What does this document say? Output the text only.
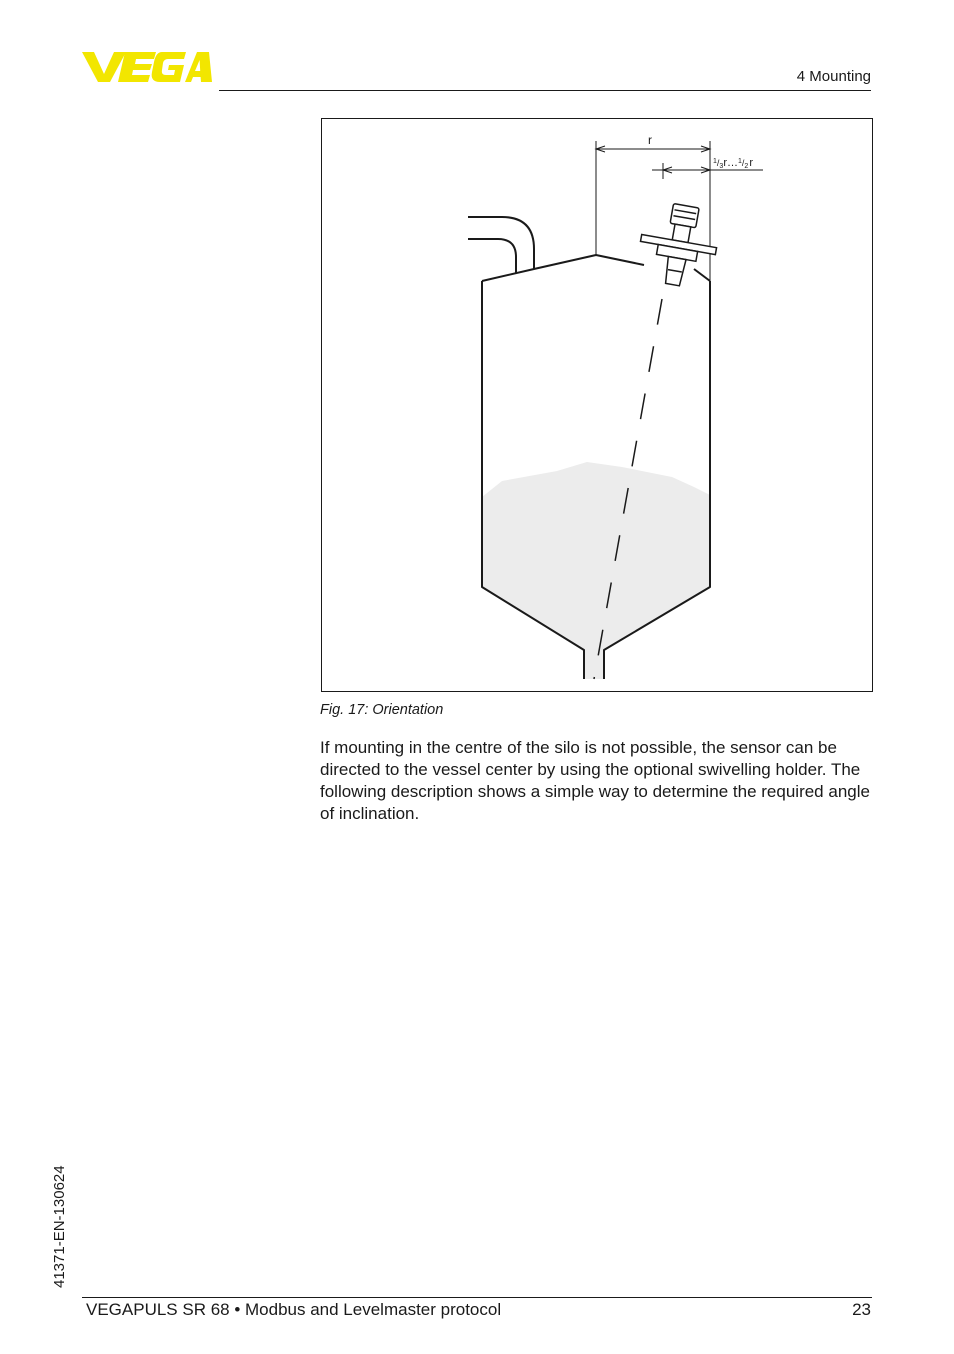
4 Mounting
r
$^1_/$3r…$^1_/$2r
Fig. 17: Orientation

If mounting in the centre of the silo is not possible, the sensor can be directed to the vessel center by using the optional swivelling holder. The following description shows a simple way to determine the required angle of inclination.

41371-EN-130624
VEGAPULS SR 68 • Modbus and Levelmaster protocol	23
